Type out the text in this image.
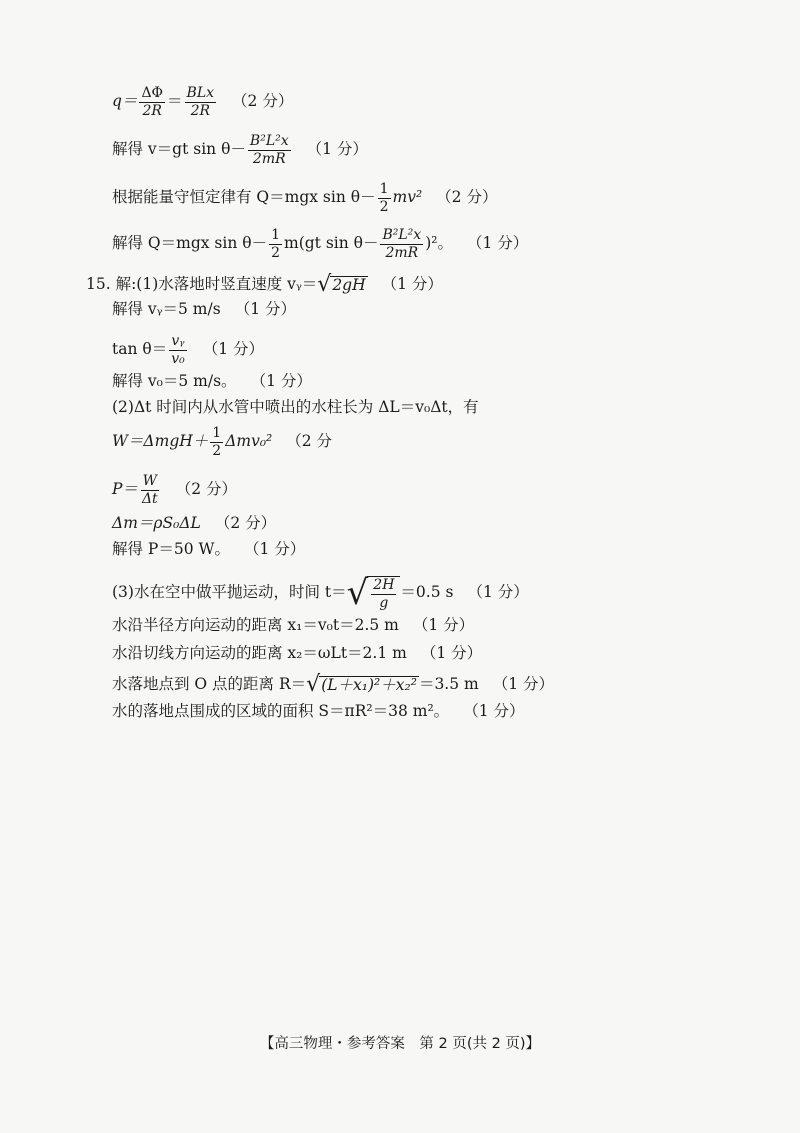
$q= \frac{\Delta\Phi}{2R} = \frac{\text{BLx}}{2R} (2$ 分）
解得 v＝gt $\sin \theta- \frac{\text{B²L²x}}{2mR} (1$ 分）
根据能量守恒定律有 Q＝mgx $\sin \theta- \frac{1}{2} mv^2$ （2 分）
解得 Q＝mgx $\sin \theta- \frac{1}{2} m(gt$ $\sin \theta- \frac{\text{B²L²x}}{2mR} )^2$。 （1 分）
15. 解:(1)水落地时竖直速度 vᵧ＝ √ 2gH （1 分）
解得 vᵧ＝5 m/s （1 分）
$\tan \theta= \frac{\text{vᵧ}}{\text{v₀}} (1$ 分）
解得 v₀＝5 m/s。 （1 分）
(2)Δt 时间内从水管中喷出的水柱长为 ΔL＝v₀Δt，有
$W=\Delta mgH+ \frac{1}{2} \Delta mv_0^2$ （2 分
$P= \frac{W}{\Delta t} (2$ 分）
Δm＝ρS₀ΔL （2 分）
解得 P＝50 W。 （1 分）
(3)水在空中做平抛运动，时间 t＝ √ $\frac{2H}{g} =0.5$ s （1 分）
水沿半径方向运动的距离 x₁＝v₀t＝2.5 m （1 分）
水沿切线方向运动的距离 x₂＝ωLt＝2.1 m （1 分）
水落地点到 O 点的距离 R＝ √ (L＋x₁)²＋x₂² ＝3.5 m （1 分）
水的落地点围成的区域的面积 S＝πR²＝38 m²。 （1 分）
【高三物理・参考答案　第 2 页(共 2 页)】
